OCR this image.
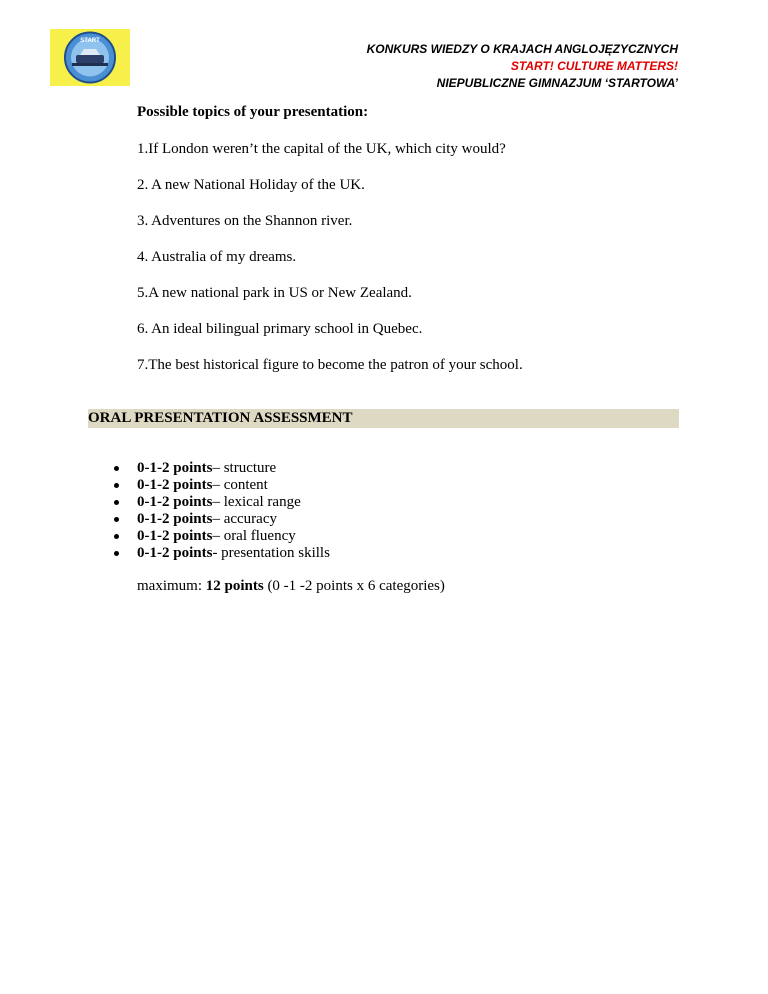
START
KONKURS WIEDZY O KRAJACH ANGLOJĘZYCZNYCH
START! CULTURE MATTERS!
NIEPUBLICZNE GIMNAZJUM ‘STARTOWA’

Possible topics of your presentation:

1.If London weren’t the capital of the UK, which city would?

2. A new National Holiday of the UK.

3. Adventures on the Shannon river.

4. Australia of my dreams.

5.A new national park in US or New Zealand.

6. An ideal bilingual primary school in Quebec.

7.The best historical figure to become the patron of your school.

ORAL PRESENTATION ASSESSMENT
0-1-2 points – structure
0-1-2 points – content
0-1-2 points – lexical range
0-1-2 points – accuracy
0-1-2 points – oral fluency
0-1-2 points - presentation skills
maximum: 12 points (0 -1 -2 points x 6 categories)
